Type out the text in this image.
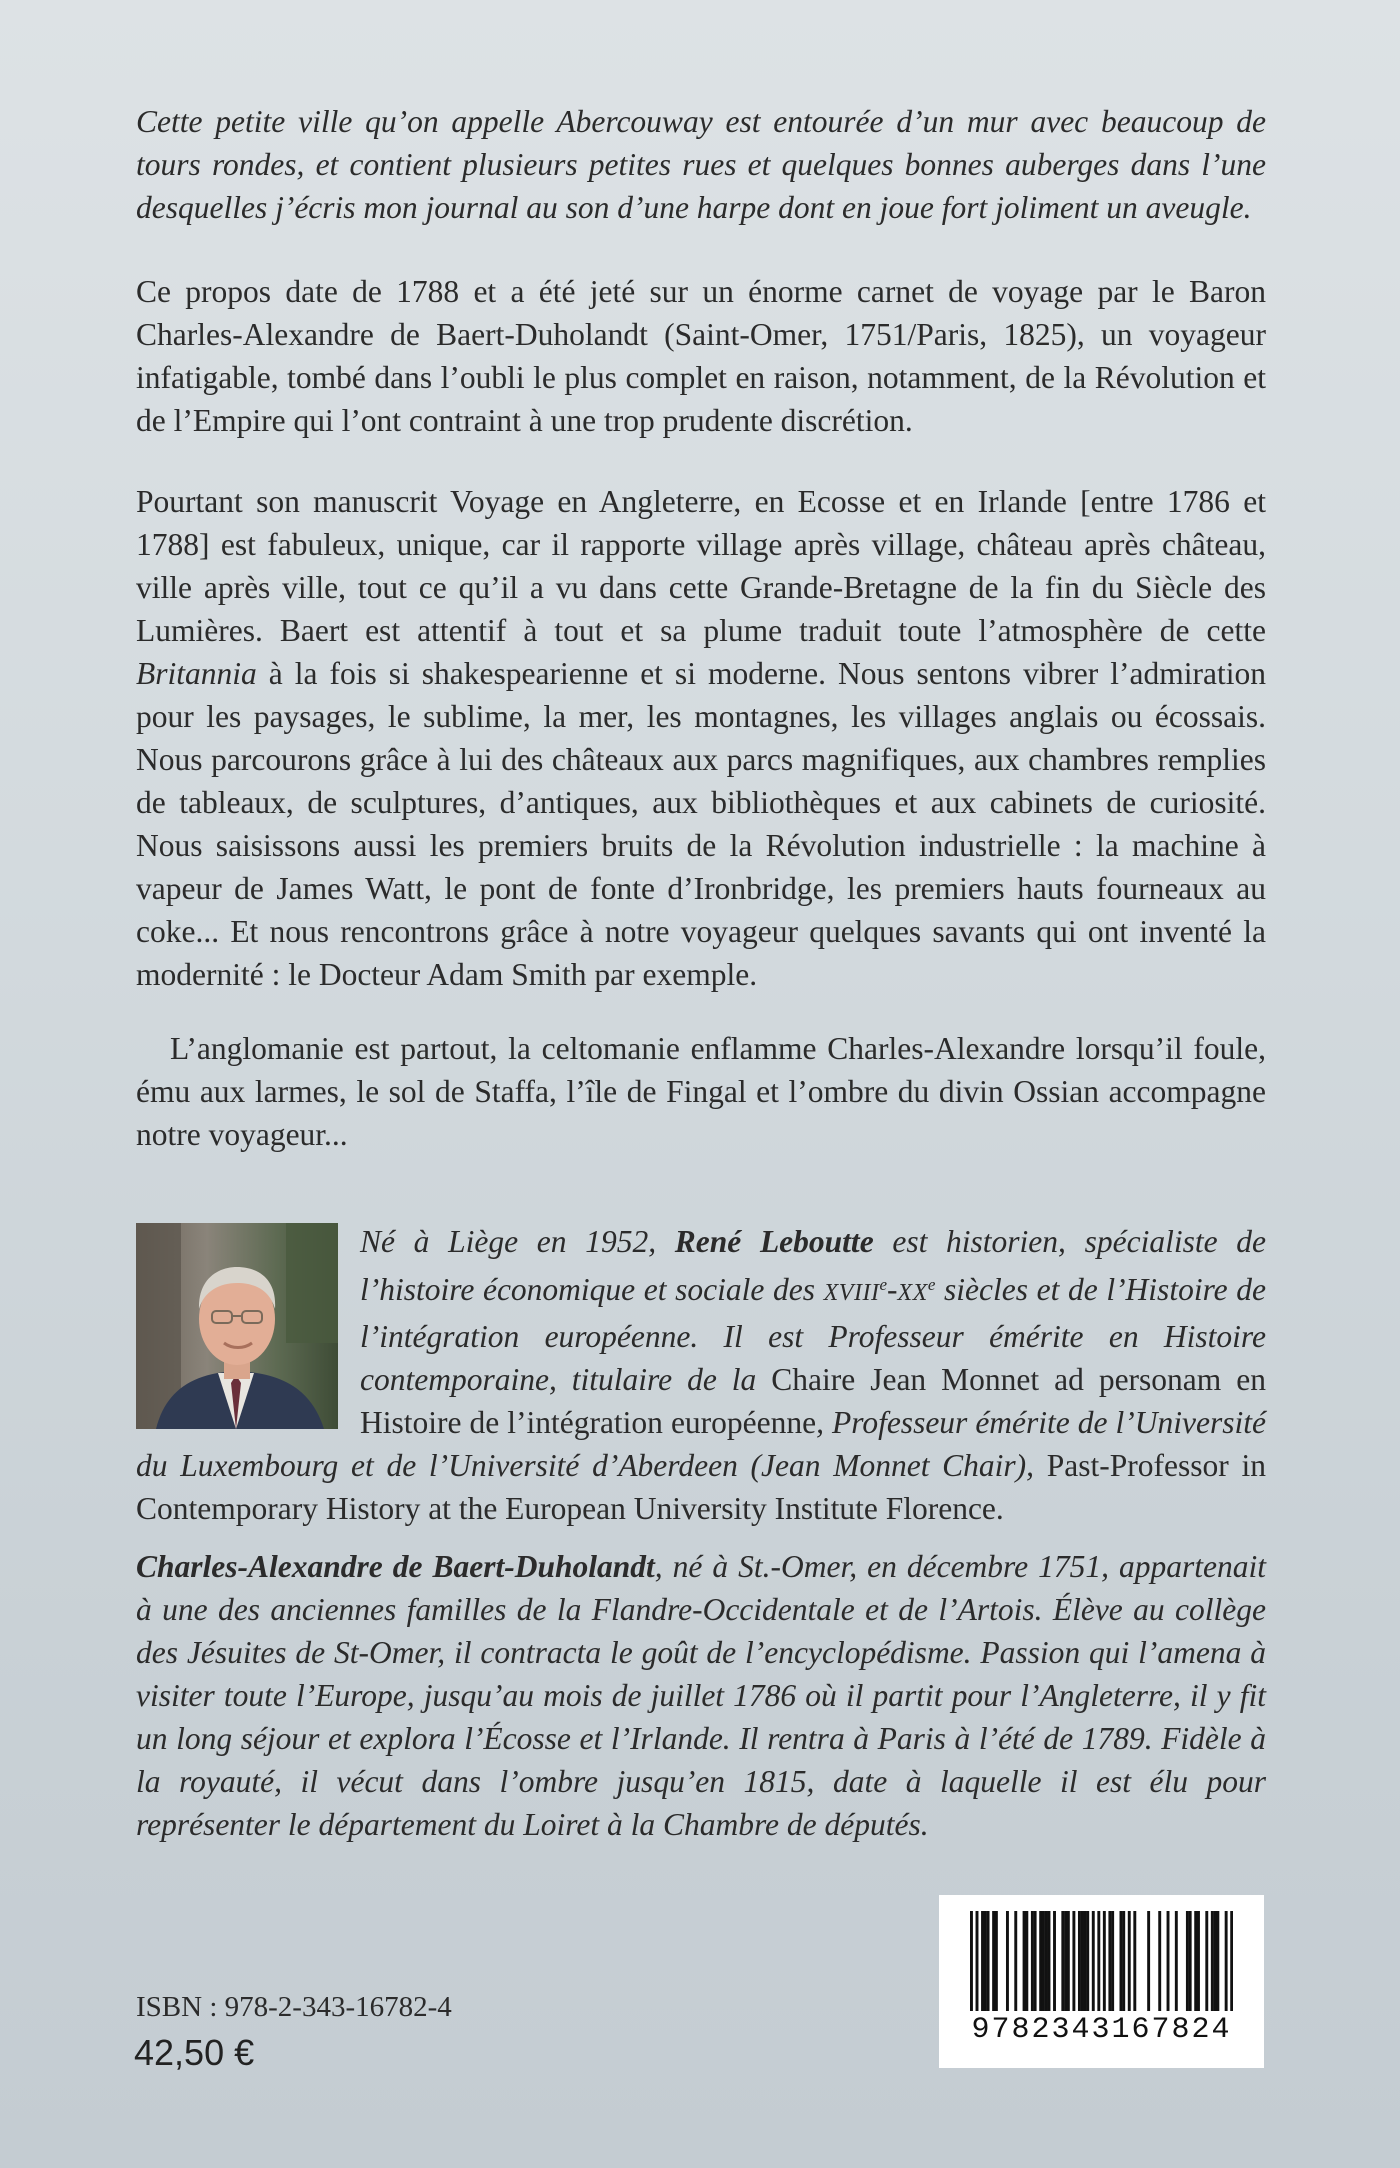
Cette petite ville qu’on appelle Abercouway est entourée d’un mur avec beaucoup de tours rondes, et contient plusieurs petites rues et quelques bonnes auberges dans l’une desquelles j’écris mon journal au son d’une harpe dont en joue fort joliment un aveugle.

Ce propos date de 1788 et a été jeté sur un énorme carnet de voyage par le Baron Charles-Alexandre de Baert-Duholandt (Saint-Omer, 1751/Paris, 1825), un voyageur infatigable, tombé dans l’oubli le plus complet en raison, notamment, de la Révolution et de l’Empire qui l’ont contraint à une trop prudente discrétion.

Pourtant son manuscrit Voyage en Angleterre, en Ecosse et en Irlande [entre 1786 et 1788] est fabuleux, unique, car il rapporte village après village, château après château, ville après ville, tout ce qu’il a vu dans cette Grande-Bretagne de la fin du Siècle des Lumières. Baert est attentif à tout et sa plume traduit toute l’atmosphère de cette Britannia à la fois si shakespearienne et si moderne. Nous sentons vibrer l’admiration pour les paysages, le sublime, la mer, les montagnes, les villages anglais ou écossais. Nous parcourons grâce à lui des châteaux aux parcs magnifiques, aux chambres remplies de tableaux, de sculptures, d’antiques, aux bibliothèques et aux cabinets de curiosité. Nous saisissons aussi les premiers bruits de la Révolution industrielle : la machine à vapeur de James Watt, le pont de fonte d’Ironbridge, les premiers hauts fourneaux au coke... Et nous rencontrons grâce à notre voyageur quelques savants qui ont inventé la modernité : le Docteur Adam Smith par exemple.

L’anglomanie est partout, la celtomanie enflamme Charles-Alexandre lorsqu’il foule, ému aux larmes, le sol de Staffa, l’île de Fingal et l’ombre du divin Ossian accompagne notre voyageur...

Né à Liège en 1952, René Leboutte est historien, spécialiste de l’histoire économique et sociale des XVIIIe-XXe siècles et de l’Histoire de l’intégration européenne. Il est Professeur émérite en Histoire contemporaine, titulaire de la Chaire Jean Monnet ad personam en Histoire de l’intégration européenne, Professeur émérite de l’Université du Luxembourg et de l’Université d’Aberdeen (Jean Monnet Chair), Past-Professor in Contemporary History at the European University Institute Florence.

Charles-Alexandre de Baert-Duholandt, né à St.-Omer, en décembre 1751, appartenait à une des anciennes familles de la Flandre-Occidentale et de l’Artois. Élève au collège des Jésuites de St-Omer, il contracta le goût de l’encyclopédisme. Passion qui l’amena à visiter toute l’Europe, jusqu’au mois de juillet 1786 où il partit pour l’Angleterre, il y fit un long séjour et explora l’Écosse et l’Irlande. Il rentra à Paris à l’été de 1789. Fidèle à la royauté, il vécut dans l’ombre jusqu’en 1815, date à laquelle il est élu pour représenter le département du Loiret à la Chambre de députés.

ISBN : 978-2-343-16782-4
42,50 €
9782343167824
